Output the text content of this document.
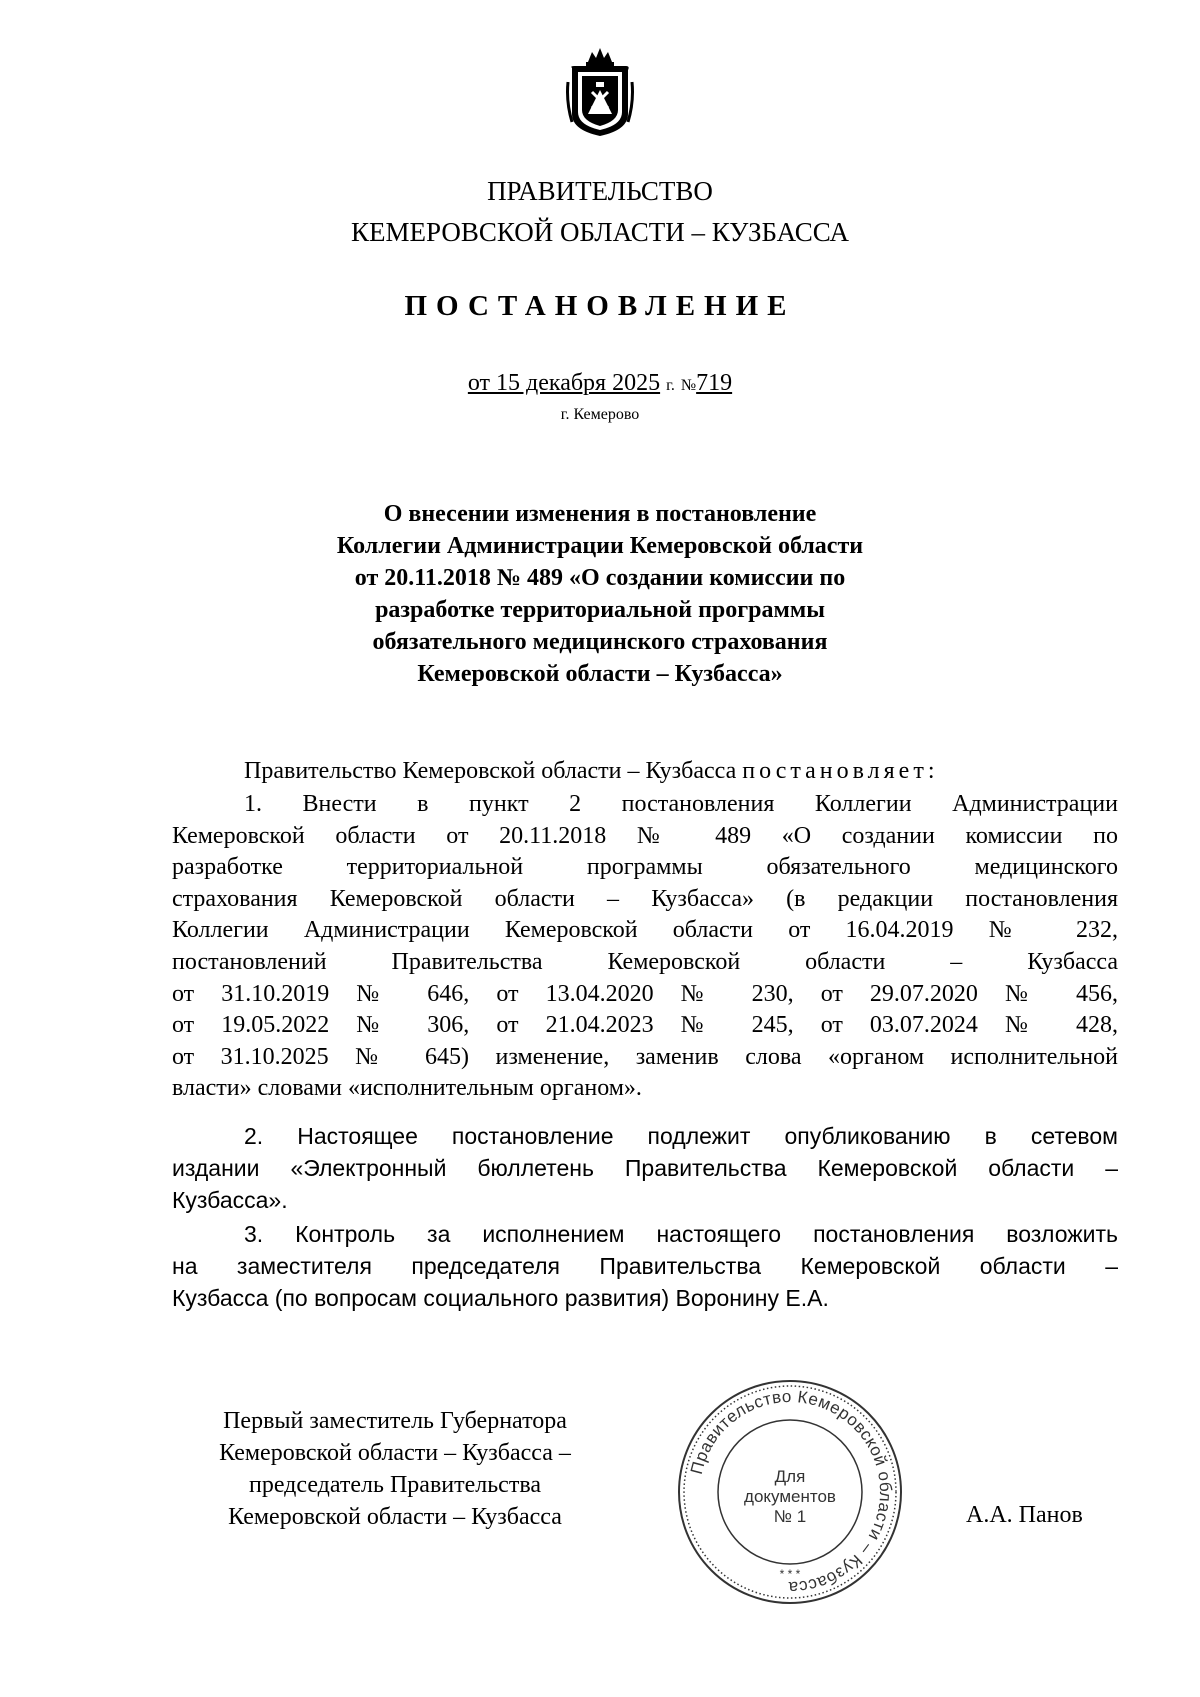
ПРАВИТЕЛЬСТВО
КЕМЕРОВСКОЙ ОБЛАСТИ – КУЗБАССА
ПОСТАНОВЛЕНИЕ
от 15 декабря 2025 г. №719
г. Кемерово
О внесении изменения в постановление
Коллегии Администрации Кемеровской области
от 20.11.2018 № 489 «О создании комиссии по
разработке территориальной программы
обязательного медицинского страхования
Кемеровской области – Кузбасса»
Правительство Кемеровской области – Кузбасса постановляет:
1. Внести в пункт 2 постановления Коллегии Администрации
Кемеровской области от 20.11.2018 № 489 «О создании комиссии по
разработке территориальной программы обязательного медицинского
страхования Кемеровской области – Кузбасса» (в редакции постановления
Коллегии Администрации Кемеровской области от 16.04.2019 № 232,
постановлений Правительства Кемеровской области – Кузбасса
от 31.10.2019 № 646, от 13.04.2020 № 230, от 29.07.2020 № 456,
от 19.05.2022 № 306, от 21.04.2023 № 245, от 03.07.2024 № 428,
от 31.10.2025 № 645) изменение, заменив слова «органом исполнительной
власти» словами «исполнительным органом».
2. Настоящее постановление подлежит опубликованию в сетевом
издании «Электронный бюллетень Правительства Кемеровской области –
Кузбасса».
3. Контроль за исполнением настоящего постановления возложить
на заместителя председателя Правительства Кемеровской области –
Кузбасса (по вопросам социального развития) Воронину Е.А.
Первый заместитель Губернатора
Кемеровской области – Кузбасса –
председатель Правительства
Кемеровской области – Кузбасса
Правительство Кемеровской области – Кузбасса
Для
документов
№ 1
* * *
А.А. Панов
